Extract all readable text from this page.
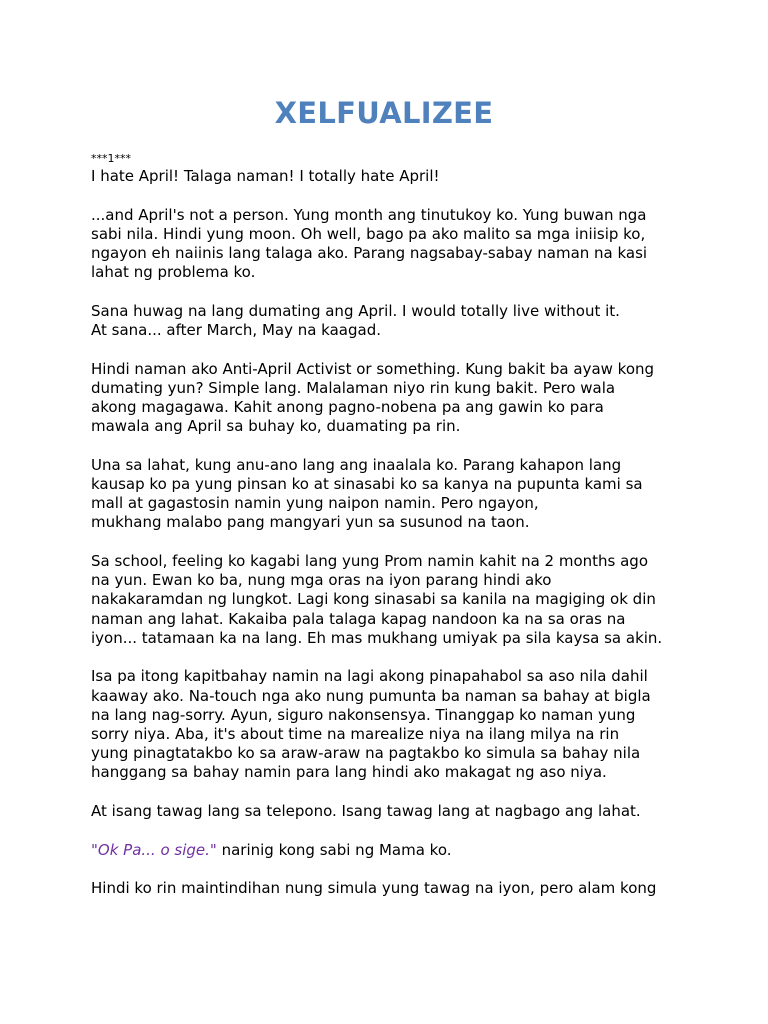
XELFUALIZEE
***1***
I hate April! Talaga naman! I totally hate April!
...and April's not a person. Yung month ang tinutukoy ko. Yung buwan nga
sabi nila. Hindi yung moon. Oh well, bago pa ako malito sa mga iniisip ko,
ngayon eh naiinis lang talaga ako. Parang nagsabay-sabay naman na kasi
lahat ng problema ko.
Sana huwag na lang dumating ang April. I would totally live without it.
At sana... after March, May na kaagad.
Hindi naman ako Anti-April Activist or something. Kung bakit ba ayaw kong
dumating yun? Simple lang. Malalaman niyo rin kung bakit. Pero wala
akong magagawa. Kahit anong pagno-nobena pa ang gawin ko para
mawala ang April sa buhay ko, duamating pa rin.
Una sa lahat, kung anu-ano lang ang inaalala ko. Parang kahapon lang
kausap ko pa yung pinsan ko at sinasabi ko sa kanya na pupunta kami sa
mall at gagastosin namin yung naipon namin. Pero ngayon,
mukhang malabo pang mangyari yun sa susunod na taon.
Sa school, feeling ko kagabi lang yung Prom namin kahit na 2 months ago
na yun. Ewan ko ba, nung mga oras na iyon parang hindi ako
nakakaramdan ng lungkot. Lagi kong sinasabi sa kanila na magiging ok din
naman ang lahat. Kakaiba pala talaga kapag nandoon ka na sa oras na
iyon... tatamaan ka na lang. Eh mas mukhang umiyak pa sila kaysa sa akin.
Isa pa itong kapitbahay namin na lagi akong pinapahabol sa aso nila dahil
kaaway ako. Na-touch nga ako nung pumunta ba naman sa bahay at bigla
na lang nag-sorry. Ayun, siguro nakonsensya. Tinanggap ko naman yung
sorry niya. Aba, it's about time na marealize niya na ilang milya na rin
yung pinagtatakbo ko sa araw-araw na pagtakbo ko simula sa bahay nila
hanggang sa bahay namin para lang hindi ako makagat ng aso niya.
At isang tawag lang sa telepono. Isang tawag lang at nagbago ang lahat.
"Ok Pa... o sige." narinig kong sabi ng Mama ko.
Hindi ko rin maintindihan nung simula yung tawag na iyon, pero alam kong
